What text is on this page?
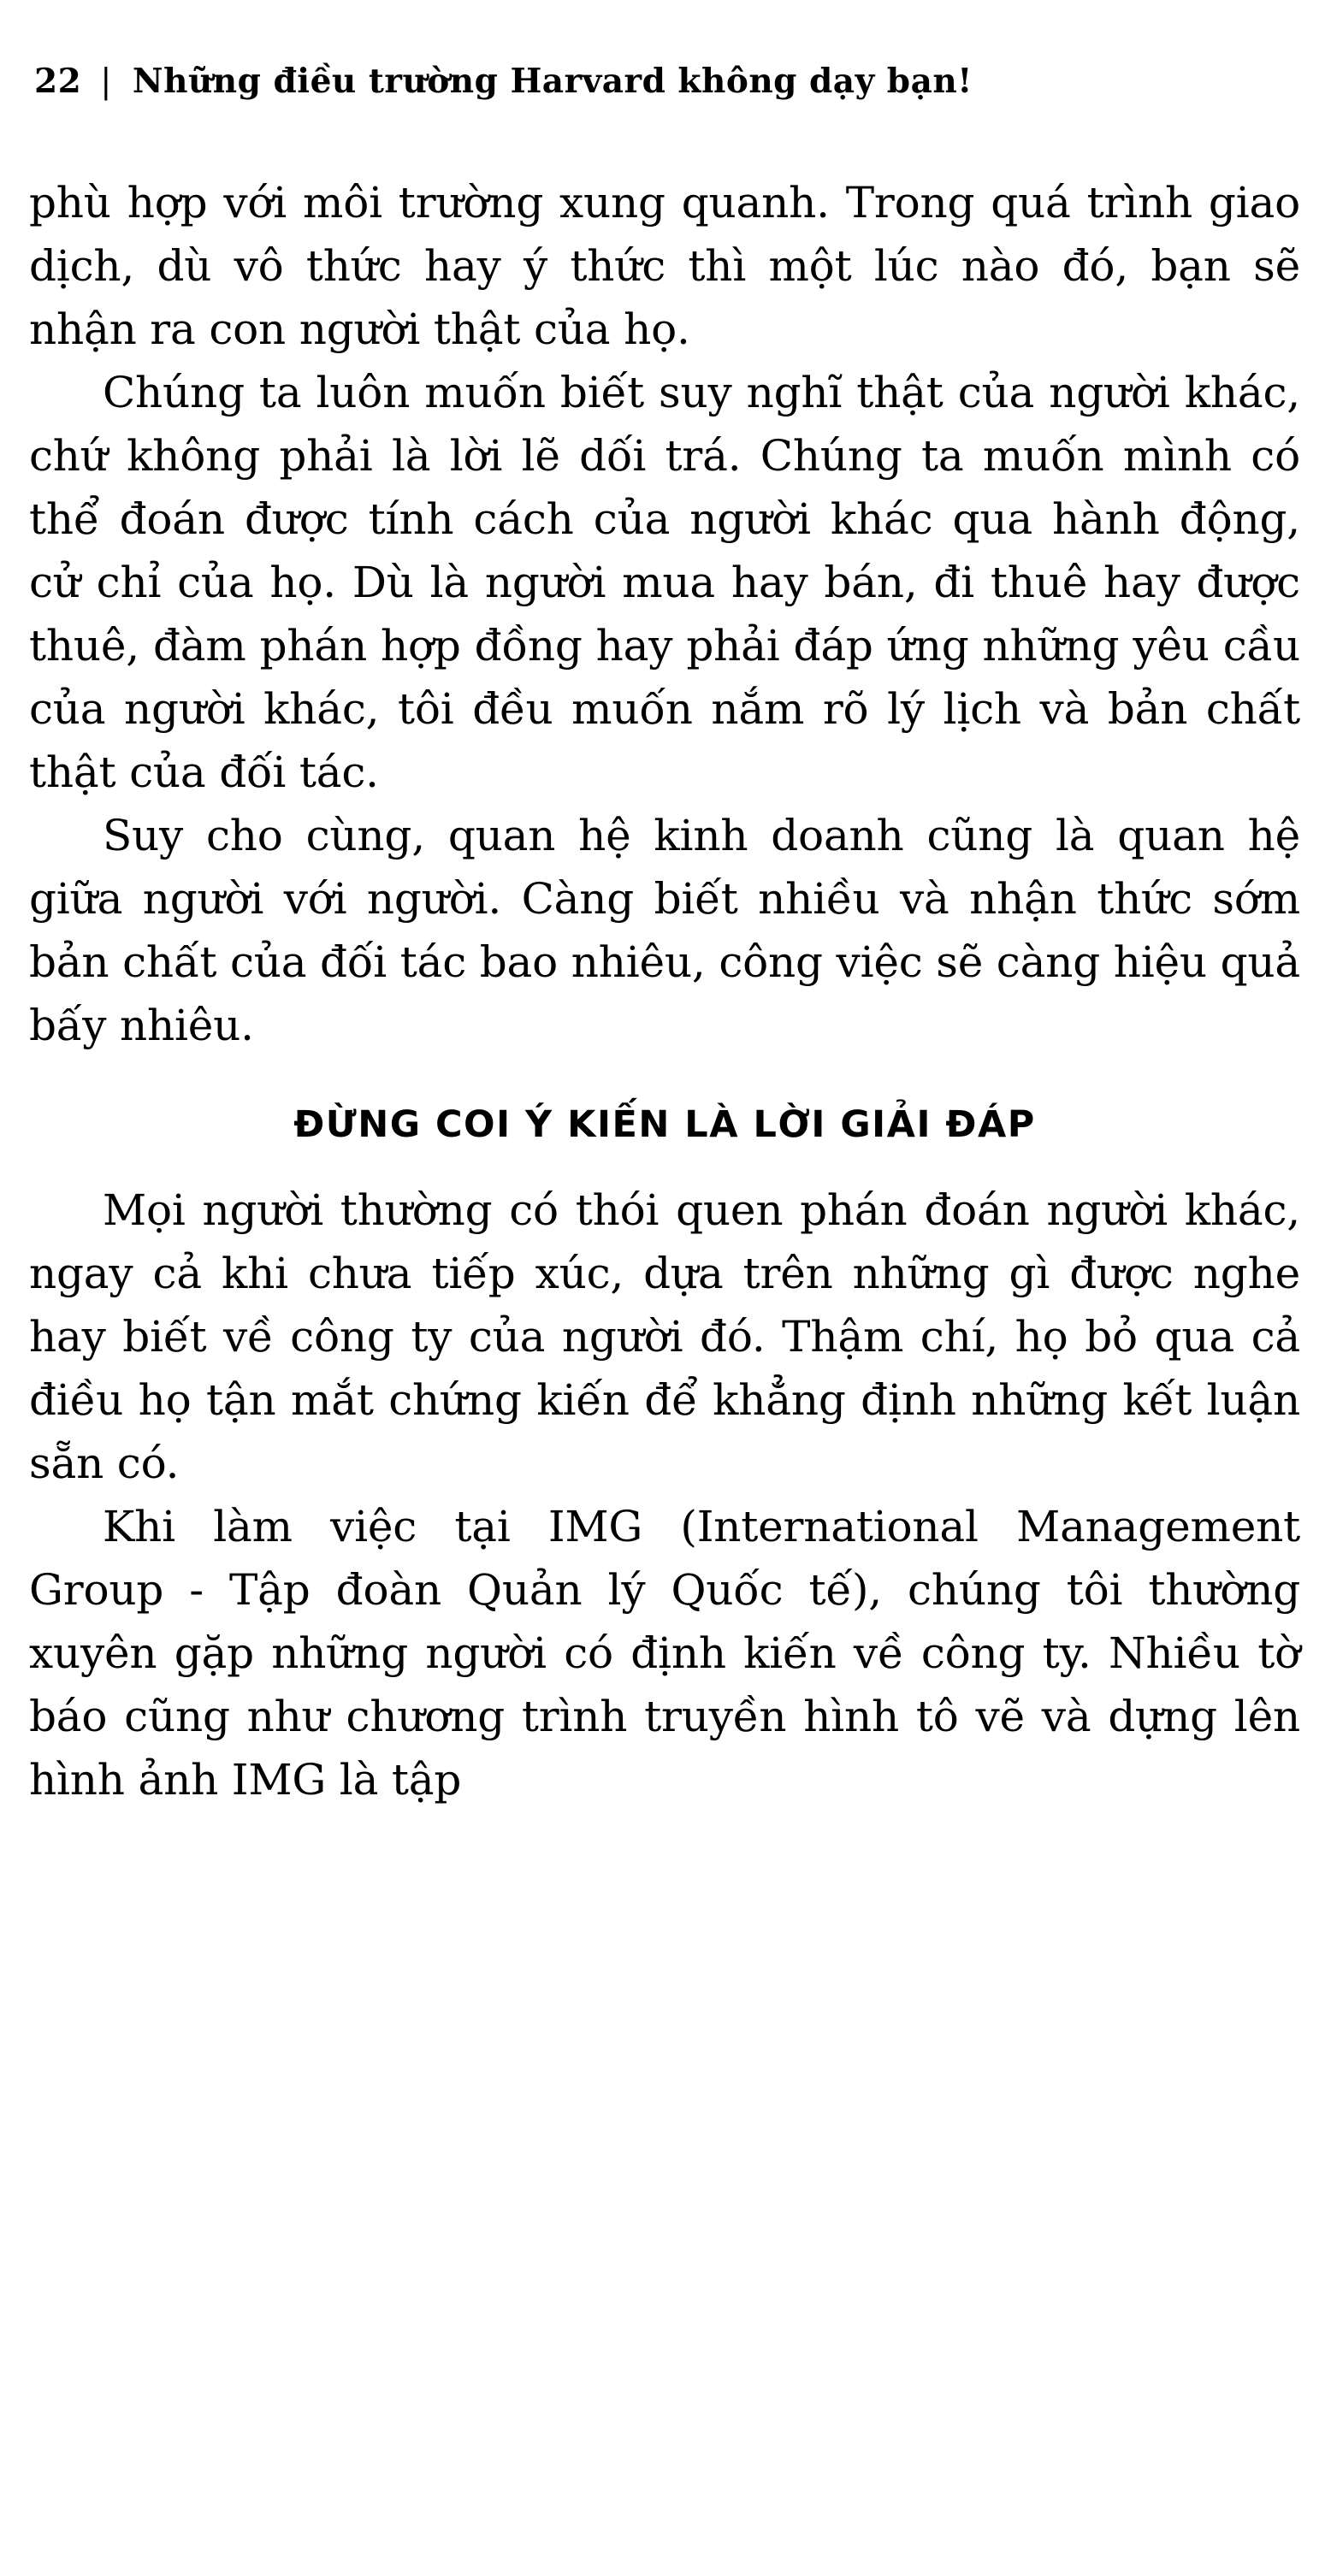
22 | Những điều trường Harvard không dạy bạn!

phù hợp với môi trường xung quanh. Trong quá trình giao dịch, dù vô thức hay ý thức thì một lúc nào đó, bạn sẽ nhận ra con người thật của họ.

Chúng ta luôn muốn biết suy nghĩ thật của người khác, chứ không phải là lời lẽ dối trá. Chúng ta muốn mình có thể đoán được tính cách của người khác qua hành động, cử chỉ của họ. Dù là người mua hay bán, đi thuê hay được thuê, đàm phán hợp đồng hay phải đáp ứng những yêu cầu của người khác, tôi đều muốn nắm rõ lý lịch và bản chất thật của đối tác.

Suy cho cùng, quan hệ kinh doanh cũng là quan hệ giữa người với người. Càng biết nhiều và nhận thức sớm bản chất của đối tác bao nhiêu, công việc sẽ càng hiệu quả bấy nhiêu.

ĐỪNG COI Ý KIẾN LÀ LỜI GIẢI ĐÁP

Mọi người thường có thói quen phán đoán người khác, ngay cả khi chưa tiếp xúc, dựa trên những gì được nghe hay biết về công ty của người đó. Thậm chí, họ bỏ qua cả điều họ tận mắt chứng kiến để khẳng định những kết luận sẵn có.

Khi làm việc tại IMG (International Management Group - Tập đoàn Quản lý Quốc tế), chúng tôi thường xuyên gặp những người có định kiến về công ty. Nhiều tờ báo cũng như chương trình truyền hình tô vẽ và dựng lên hình ảnh IMG là tập
